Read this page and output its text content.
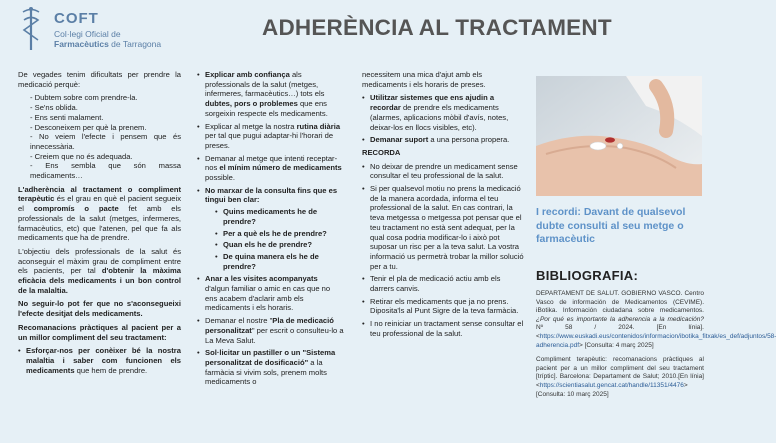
COFT
Col·legi Oficial de
Farmacèutics de Tarragona
ADHERÈNCIA AL TRACTAMENT

De vegades tenim dificultats per prendre la medicació perquè:

- Dubtem sobre com prendre-la.
- Se'ns oblida.
- Ens senti malament.
- Desconeixem per què la prenem.
- No veiem l'efecte i pensem que és innecessària.
- Creiem que no és adequada.
- Ens sembla que són massa medicaments…

L'adherència al tractament o compliment terapèutic és el grau en què el pacient segueix el compromís o pacte fet amb els professionals de la salut (metges, infermeres, farmacèutics, etc) que l'atenen, pel que fa als medicaments que ha de prendre.

L'objectiu dels professionals de la salut és aconseguir el màxim grau de compliment entre els pacients, per tal d'obtenir la màxima eficàcia dels medicaments i un bon control de la malaltia.

No seguir-lo pot fer que no s'aconsegueixi l'efecte desitjat dels medicaments.

Recomanacions pràctiques al pacient per a un millor compliment del seu tractament:

• Esforçar-nos per conèixer bé la nostra malaltia i saber com funcionen els medicaments que hem de prendre.
• Explicar amb confiança als professionals de la salut (metges, infermeres, farmacèutics…) tots els dubtes, pors o problemes que ens sorgeixin respecte els medicaments.
• Explicar al metge la nostra rutina diària per tal que pugui adaptar-hi l'horari de preses.
• Demanar al metge que intenti receptar-nos el mínim número de medicaments possible.
• No marxar de la consulta fins que es tingui ben clar:
• Quins medicaments he de prendre?
• Per a què els he de prendre?
• Quan els he de prendre?
• De quina manera els he de prendre?
• Anar a les visites acompanyats d'algun familiar o amic en cas que no ens acabem d'aclarir amb els medicaments i els horaris.
• Demanar el nostre "Pla de medicació personalitzat" per escrit o consulteu-lo a La Meva Salut.
• Sol·licitar un pastiller o un "Sistema personalitzat de dosificació" a la farmàcia si vivim sols, prenem molts medicaments o

necessitem una mica d'ajut amb els medicaments i els horaris de preses.

• Utilitzar sistemes que ens ajudin a recordar de prendre els medicaments (alarmes, aplicacions mòbil d'avís, notes, deixar-los en llocs visibles, etc).
• Demanar suport a una persona propera.
RECORDA
• No deixar de prendre un medicament sense consultar el teu professional de la salut.
• Si per qualsevol motiu no prens la medicació de la manera acordada, informa el teu professional de la salut. En cas contrari, la teva metgessa o metgessa pot pensar que el teu tractament no està sent adequat, per la qual cosa podria modificar-lo i això pot suposar un risc per a la teva salut. La vostra informació us permetrà trobar la millor solució per a tu.
• Tenir el pla de medicació actiu amb els darrers canvis.
• Retirar els medicaments que ja no prens. Diposita'ls al Punt Sigre de la teva farmàcia.
• I no reiniciar un tractament sense consultar el teu professional de la salut.
I recordi: Davant de qualsevol dubte consulti al seu metge o farmacèutic
BIBLIOGRAFIA:

DEPARTAMENT DE SALUT. GOBIERNO VASCO. Centro Vasco de información de Medicamentos (CEVIME). iBotika. Información ciudadana sobre medicamentos. ¿Por qué es importante la adherencia a la medicación? Nº 58 / 2024. [En línia]. <https://www.euskadi.eus/contenidos/informacion/ibotika_fitxak/es_def/adjuntos/58-adherencia.pdf> [Consulta: 4 març 2025]

Compliment terapèutic: recomanacions pràctiques al pacient per a un millor compliment del seu tractament [tríptic]. Barcelona: Departament de Salut; 2010.[En línia] <https://scientiasalut.gencat.cat/handle/11351/4476> [Consulta: 10 març 2025]
